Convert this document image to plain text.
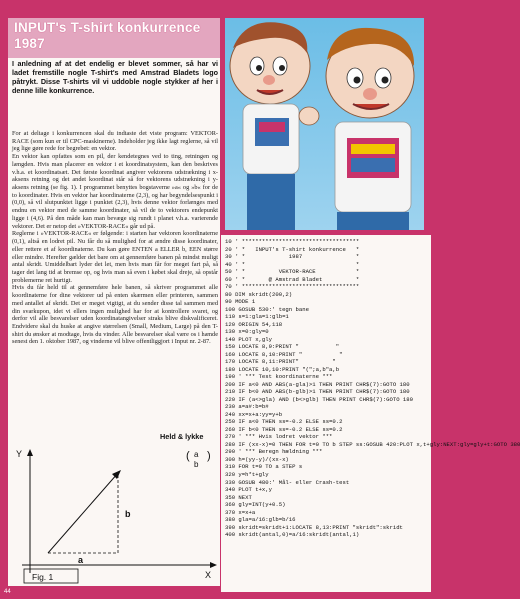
INPUT's T-shirt konkurrence 1987
I anledning af at det endelig er blevet sommer, så har vi ladet fremstille nogle T-shirt's med Amstrad Bladets logo påtrykt. Disse T-shirts vil vi uddoble nogle stykker af her i denne lille konkurrence.

For at deltage i konkurrencen skal du indtaste det viste program: VEKTOR-RACE (som kun er til CPC-maskinerne). Indeholder jeg ikke lagt reglerne, så vil jeg lige gøre rede for begrebet: en vektor.

En vektor kan opfattes som en pil, der kendetegnes ved to ting, retningen og længden. Hvis man placerer en vektor i et koordinatsystem, kan den beskrives v.h.a. et koordinatsæt. Det første koordinat angiver vektorens udstrækning i x-aksens retning og det andet koordinat står så for vektorens udstrækning i y-aksens retning (se fig. 1). I programmet benyttes bogstaverne »a« og »b« for de to koordinater. Hvis en vektor har koordinaterne (2,3), og har begyndelsespunkt i (0,0), så vil slutpunktet ligge i punktet (2,3), hvis denne vektor forlænges med endnu en vektor med de samme koordinater, så vil de to vektorers endepunkt ligge i (4,6). På den måde kan man bevæge sig rundt i planet v.h.a. varierende vektorer. Det er netop det »VEKTOR-RACE« går ud på.

Reglerne i »VEKTOR-RACE« er følgende: i starten har vektoren koordinaterne (0,1), altså en lodret pil. Nu får du så mulighed for at ændre disse koordinater, eller rettere et af koordinaterne. Du kan gøre ENTEN a ELLER b, EEN større eller mindre. Herefter gælder det bare om at gennemføre banen på mindst muligt antal skridt. Umiddelbart lyder det let, men hvis man får for meget fart på, så tager det lang tid at bremse op, og hvis man så even i købet skal dreje, så opstår problemerne ret hurtigt.

Hvis du får held til at gennemføre hele banen, så skriver programmet alle koordinaterne for dine vektorer ud på enten skærmen eller printeren, sammen med antallet af skridt. Det er meget vigtigt, at du sender disse tal sammen med din svarkupon, idet vi ellers ingen mulighed har for at kontrollere svaret, og derfor vil alle besvarelser uden koordinatangivelser straks blive diskvalificeret. Endvidere skal du huske at angive størrelsen (Small, Medium, Large) på den T-shirt du ønsker at modtage, hvis du vinder. Alle besvarelser skal være os i hænde senest den 1. oktober 1987, og vinderne vil blive offentliggjort i Input nr. 2-87.

Held & lykke
Y
X
a
b
( )
a
b
Fig. 1
10 ' ***********************************
20 ' *   INPUT's T-shirt konkurrence   *
30 ' *             1987                *
40 ' *                                 *
50 ' *          VEKTOR-RACE            *
60 ' *       @ Amstrad Bladet          *
70 ' ***********************************
80 DIM skridt(200,2)
90 MODE 1
100 GOSUB 530:' tegn bane
110 s=1:gla=1:glb=1
120 ORIGIN 54,118
130 x=0:gly=0
140 PLOT x,gly
150 LOCATE 8,9:PRINT "           "
160 LOCATE 8,10:PRINT "           "
170 LOCATE 8,11:PRINT"          "
180 LOCATE 10,10:PRINT "(";a,b"a,b
190 ' *** Test koordinaterne ***
200 IF a<0 AND ABS(a-gla)>1 THEN PRINT CHR$(7):GOTO 180
210 IF b<0 AND ABS(b-glb)>1 THEN PRINT CHR$(7):GOTO 180
220 IF (a<>gla) AND (b<>glb) THEN PRINT CHR$(7):GOTO 180
230 a=a#:b=b#
240 xx=x+a:yy=y+b
250 IF a<0 THEN ss=-0.2 ELSE ss=0.2
260 IF b<0 THEN ss=-0.2 ELSE ss=0.2
270 ' *** Hvis lodret vektor ***
280 IF (xx-x)=0 THEN FOR t=0 TO b STEP ss:GOSUB 420:PLOT x,t+gly:NEXT:gly=gly+t:GOTO 380
290 ' *** Beregn hældning ***
300 h=(yy-y)/(xx-x)
310 FOR t=0 TO a STEP s
320 y=h*t+gly
330 GOSUB 480:' Mål- eller Crash-test
340 PLOT t+x,y
350 NEXT
360 gly=INT(y+0.5)
370 x=x+a
380 gla=a/16:glb=b/16
390 skridt=skridt+1:LOCATE 8,13:PRINT "skridt":skridt
400 skridt(antal,0)=a/16:skridt(antal,1)
44
